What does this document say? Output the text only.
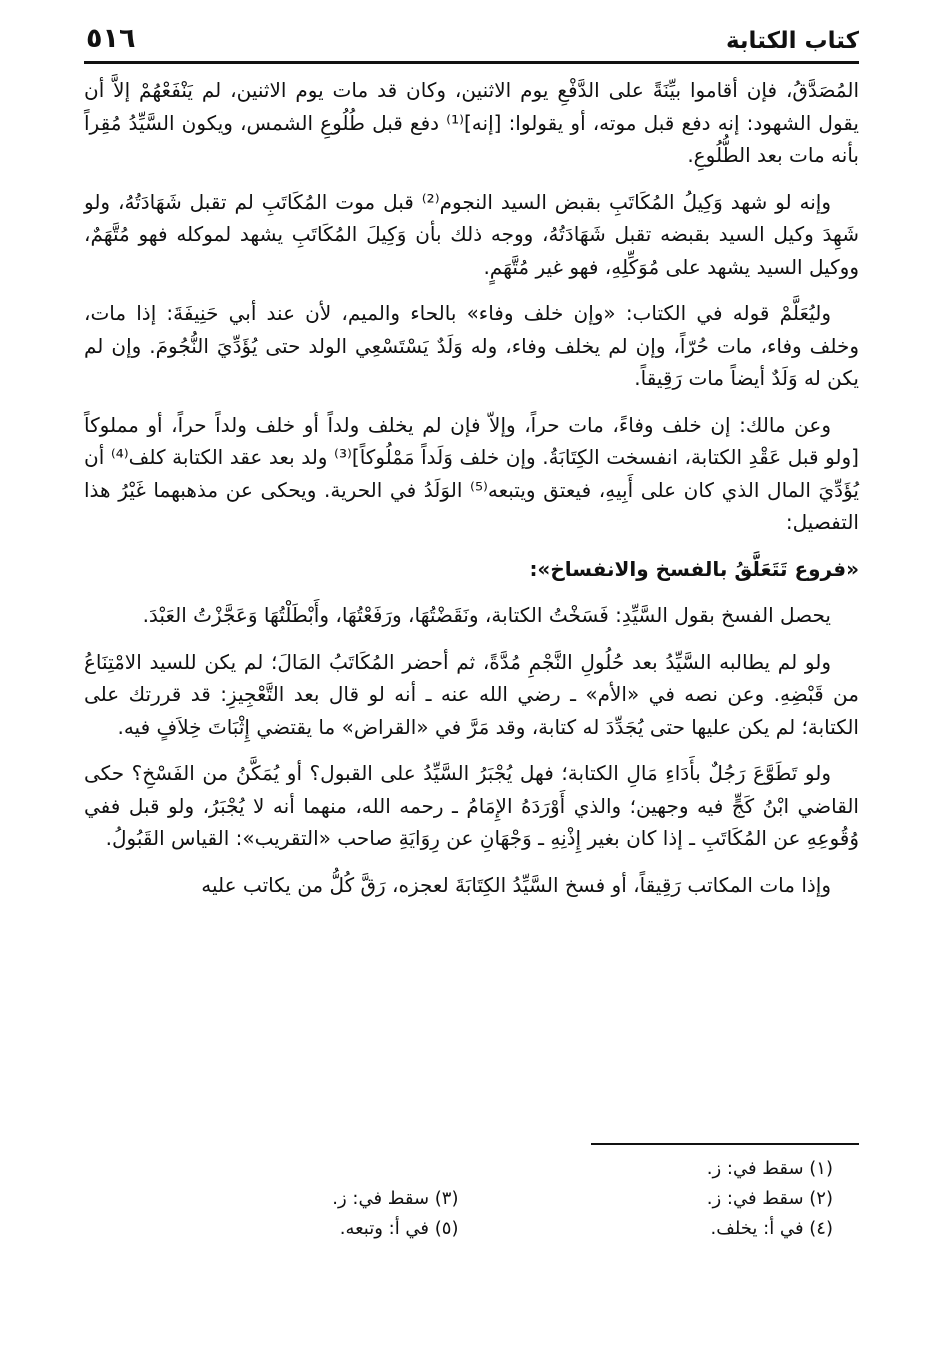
كتاب الكتابة
٥١٦

المُصَدَّقُ، فإن أقاموا بيِّنَةً على الدَّفْعِ يوم الاثنين، وكان قد مات يوم الاثنين، لم يَنْفَعْهُمْ إلاَّ أن يقول الشهود: إنه دفع قبل موته، أو يقولوا: [إنه]⁽¹⁾ دفع قبل طُلُوعِ الشمس، ويكون السَّيِّدُ مُقِراً بأنه مات بعد الطُّلُوعِ.

وإنه لو شهد وَكِيلُ المُكَاتَبِ بقبض السيد النجوم⁽²⁾ قبل موت المُكَاتَبِ لم تقبل شَهَادَتُهُ، ولو شَهِدَ وكيل السيد بقبضه تقبل شَهَادَتُهُ، ووجه ذلك بأن وَكِيلَ المُكَاتَبِ يشهد لموكله فهو مُتَّهَمٌ، ووكيل السيد يشهد على مُوَكِّلِهِ، فهو غير مُتَّهَمٍ.

وليُعَلَّمْ قوله في الكتاب: «وإن خلف وفاء» بالحاء والميم، لأن عند أبي حَنِيفَةَ: إذا مات، وخلف وفاء، مات حُرّاً، وإن لم يخلف وفاء، وله وَلَدٌ يَسْتَسْعِي الولد حتى يُؤَدِّيَ النُّجُومَ. وإن لم يكن له وَلَدٌ أيضاً مات رَقِيقاً.

وعن مالك: إن خلف وفاءً، مات حراً، وإلاّ فإن لم يخلف ولداً أو خلف ولداً حراً، أو مملوكاً [ولو قبل عَقْدِ الكتابة، انفسخت الكِتَابَةُ. وإن خلف وَلَداً مَمْلُوكاً]⁽³⁾ ولد بعد عقد الكتابة كلف⁽⁴⁾ أن يُؤَدِّيَ المال الذي كان على أَبِيهِ، فيعتق ويتبعه⁽⁵⁾ الوَلَدُ في الحرية. ويحكى عن مذهبهما غَيْرُ هذا التفصيل:

«فروع تَتَعَلَّقُ بالفسخ والانفساخ»:

يحصل الفسخ بقول السَّيِّدِ: فَسَخْتُ الكتابة، ونَقَضْتُهَا، ورَفَعْتُهَا، وأَبْطَلْتُهَا وَعَجَّزْتُ العَبْدَ.

ولو لم يطالبه السَّيِّدُ بعد حُلُولِ النَّجْمِ مُدَّةً، ثم أحضر المُكَاتَبُ المَالَ؛ لم يكن للسيد الامْتِنَاعُ من قَبْضِهِ. وعن نصه في «الأم» ـ رضي الله عنه ـ أنه لو قال بعد التَّعْجِيزِ: قد قررتك على الكتابة؛ لم يكن عليها حتى يُجَدِّدَ له كتابة، وقد مَرَّ في «القراض» ما يقتضي إِثْبَاتَ خِلاَفٍ فيه.

ولو تَطَوَّعَ رَجُلٌ بأَدَاءِ مَالِ الكتابة؛ فهل يُجْبَرُ السَّيِّدُ على القبول؟ أو يُمَكَّنُ من الفَسْخِ؟ حكى القاضي ابْنُ كَجٍّ فيه وجهين؛ والذي أَوْرَدَهُ الإِمَامُ ـ رحمه الله، منهما أنه لا يُجْبَرُ، ولو قبل ففي وُقُوعِهِ عن المُكَاتَبِ ـ إذا كان بغير إِذْنِهِ ـ وَجْهَانِ عن رِوَايَةِ صاحب «التقريب»: القياس القَبُولُ.

وإذا مات المكاتب رَقِيقاً، أو فسخ السَّيِّدُ الكِتَابَةَ لعجزه، رَقَّ كُلُّ من يكاتب عليه

(١) سقط في: ز.
(٢) سقط في: ز.
(٣) سقط في: ز.
(٤) في أ: يخلف.
(٥) في أ: وتبعه.
